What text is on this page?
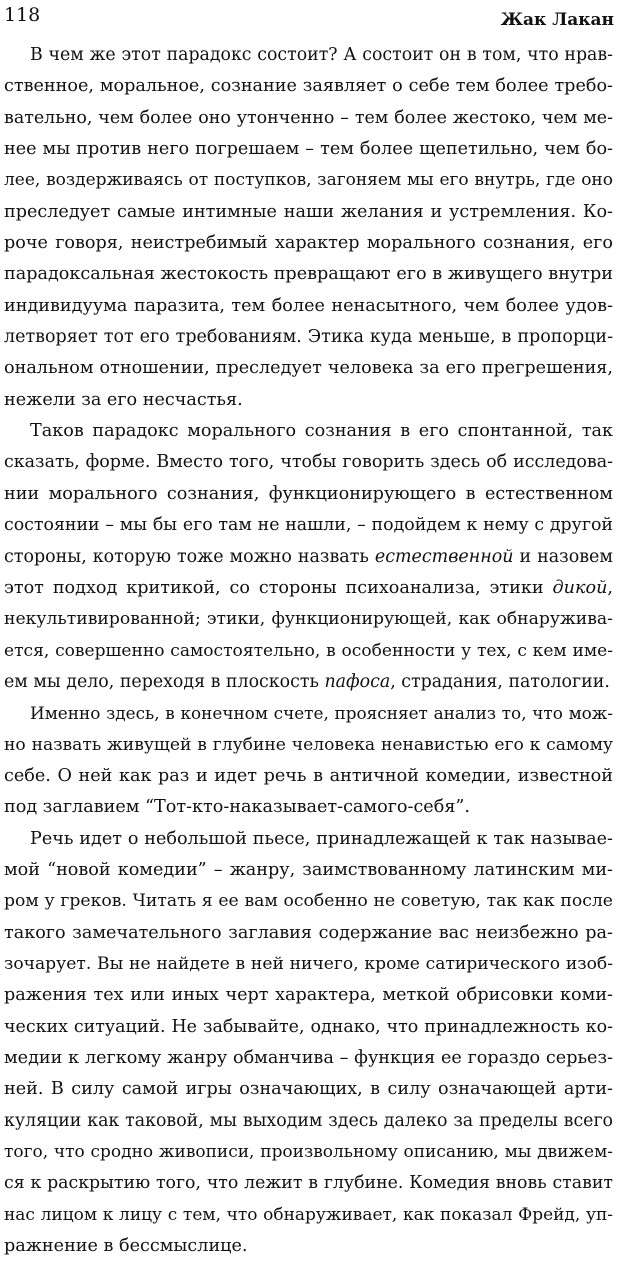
118	Жак Лакан
В чем же этот парадокс состоит? А состоит он в том, что нрав-
ственное, моральное, сознание заявляет о себе тем более требо-
вательно, чем более оно утонченно – тем более жестоко, чем ме-
нее мы против него погрешаем – тем более щепетильно, чем бо-
лее, воздерживаясь от поступков, загоняем мы его внутрь, где оно
преследует самые интимные наши желания и устремления. Ко-
роче говоря, неистребимый характер морального сознания, его
парадоксальная жестокость превращают его в живущего внутри
индивидуума паразита, тем более ненасытного, чем более удов-
летворяет тот его требованиям. Этика куда меньше, в пропорци-
ональном отношении, преследует человека за его прегрешения,
нежели за его несчастья.
Таков парадокс морального сознания в его спонтанной, так
сказать, форме. Вместо того, чтобы говорить здесь об исследова-
нии морального сознания, функционирующего в естественном
состоянии – мы бы его там не нашли, – подойдем к нему с другой
стороны, которую тоже можно назвать естественной и назовем
этот подход критикой, со стороны психоанализа, этики дикой,
некультивированной; этики, функционирующей, как обнаружива-
ется, совершенно самостоятельно, в особенности у тех, с кем име-
ем мы дело, переходя в плоскость пафоса, страдания, патологии.
Именно здесь, в конечном счете, проясняет анализ то, что мож-
но назвать живущей в глубине человека ненавистью его к самому
себе. О ней как раз и идет речь в античной комедии, известной
под заглавием “Тот-кто-наказывает-самого-себя”.
Речь идет о небольшой пьесе, принадлежащей к так называе-
мой “новой комедии” – жанру, заимствованному латинским ми-
ром у греков. Читать я ее вам особенно не советую, так как после
такого замечательного заглавия содержание вас неизбежно ра-
зочарует. Вы не найдете в ней ничего, кроме сатирического изоб-
ражения тех или иных черт характера, меткой обрисовки коми-
ческих ситуаций. Не забывайте, однако, что принадлежность ко-
медии к легкому жанру обманчива – функция ее гораздо серьез-
ней. В силу самой игры означающих, в силу означающей арти-
куляции как таковой, мы выходим здесь далеко за пределы всего
того, что сродно живописи, произвольному описанию, мы движем-
ся к раскрытию того, что лежит в глубине. Комедия вновь ставит
нас лицом к лицу с тем, что обнаруживает, как показал Фрейд, уп-
ражнение в бессмыслице.
